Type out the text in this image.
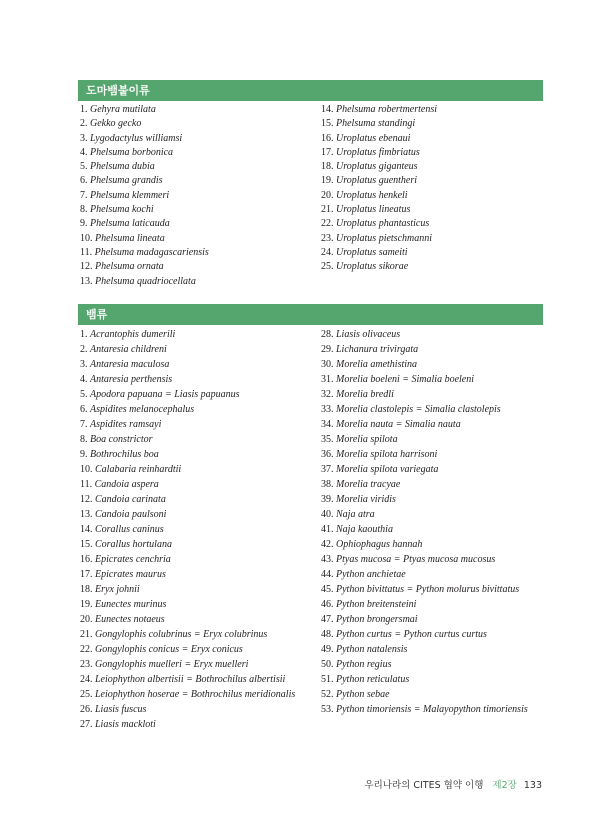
도마뱀붙이류
1. Gehyra mutilata
2. Gekko gecko
3. Lygodactylus williamsi
4. Phelsuma borbonica
5. Phelsuma dubia
6. Phelsuma grandis
7. Phelsuma klemmeri
8. Phelsuma kochi
9. Phelsuma laticauda
10. Phelsuma lineata
11. Phelsuma madagascariensis
12. Phelsuma ornata
13. Phelsuma quadriocellata
14. Phelsuma robertmertensi
15. Phelsuma standingi
16. Uroplatus ebenaui
17. Uroplatus fimbriatus
18. Uroplatus giganteus
19. Uroplatus guentheri
20. Uroplatus henkeli
21. Uroplatus lineatus
22. Uroplatus phantasticus
23. Uroplatus pietschmanni
24. Uroplatus sameiti
25. Uroplatus sikorae
뱀류
1. Acrantophis dumerili
2. Antaresia childreni
3. Antaresia maculosa
4. Antaresia perthensis
5. Apodora papuana = Liasis papuanus
6. Aspidites melanocephalus
7. Aspidites ramsayi
8. Boa constrictor
9. Bothrochilus boa
10. Calabaria reinhardtii
11. Candoia aspera
12. Candoia carinata
13. Candoia paulsoni
14. Corallus caninus
15. Corallus hortulana
16. Epicrates cenchria
17. Epicrates maurus
18. Eryx johnii
19. Eunectes murinus
20. Eunectes notaeus
21. Gongylophis colubrinus = Eryx colubrinus
22. Gongylophis conicus = Eryx conicus
23. Gongylophis muelleri = Eryx muelleri
24. Leiophython albertisii = Bothrochilus albertisii
25. Leiophython hoserae = Bothrochilus meridionalis
26. Liasis fuscus
27. Liasis mackloti
28. Liasis olivaceus
29. Lichanura trivirgata
30. Morelia amethistina
31. Morelia boeleni = Simalia boeleni
32. Morelia bredli
33. Morelia clastolepis = Simalia clastolepis
34. Morelia nauta = Simalia nauta
35. Morelia spilota
36. Morelia spilota harrisoni
37. Morelia spilota variegata
38. Morelia tracyae
39. Morelia viridis
40. Naja atra
41. Naja kaouthia
42. Ophiophagus hannah
43. Ptyas mucosa = Ptyas mucosa mucosus
44. Python anchietae
45. Python bivittatus = Python molurus bivittatus
46. Python breitensteini
47. Python brongersmai
48. Python curtus = Python curtus curtus
49. Python natalensis
50. Python regius
51. Python reticulatus
52. Python sebae
53. Python timoriensis = Malayopython timoriensis
우리나라의 CITES 협약 이행 제2장 133
